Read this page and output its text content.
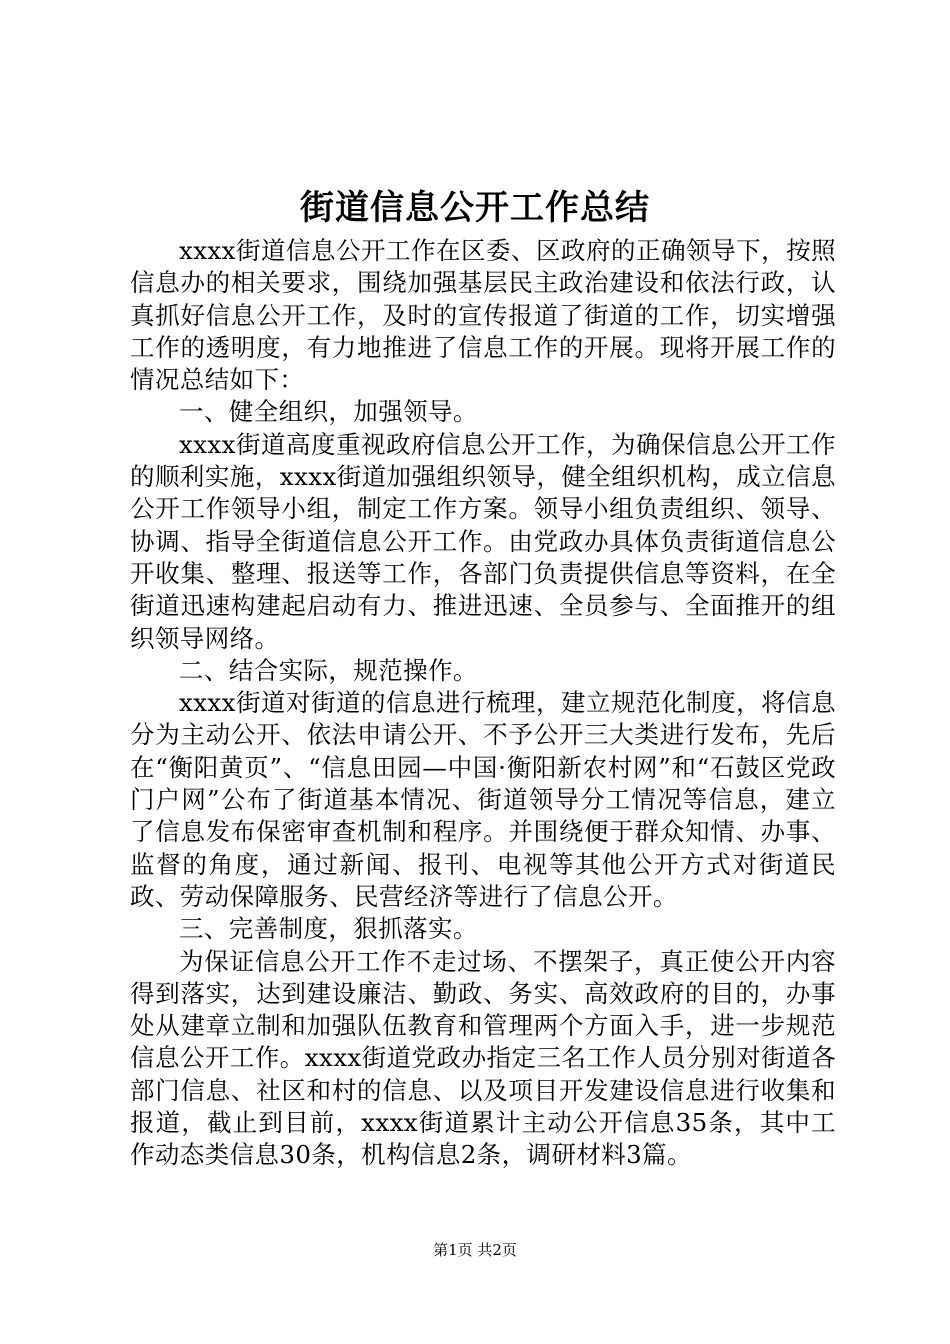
街道信息公开工作总结

xxxx街道信息公开工作在区委、区政府的正确领导下，按照信息办的相关要求，围绕加强基层民主政治建设和依法行政，认真抓好信息公开工作，及时的宣传报道了街道的工作，切实增强工作的透明度，有力地推进了信息工作的开展。现将开展工作的情况总结如下：

一、健全组织，加强领导。

xxxx街道高度重视政府信息公开工作，为确保信息公开工作的顺利实施，xxxx街道加强组织领导，健全组织机构，成立信息公开工作领导小组，制定工作方案。领导小组负责组织、领导、协调、指导全街道信息公开工作。由党政办具体负责街道信息公开收集、整理、报送等工作，各部门负责提供信息等资料，在全街道迅速构建起启动有力、推进迅速、全员参与、全面推开的组织领导网络。

二、结合实际，规范操作。

xxxx街道对街道的信息进行梳理，建立规范化制度，将信息分为主动公开、依法申请公开、不予公开三大类进行发布，先后在“衡阳黄页”、“信息田园—中国·衡阳新农村网”和“石鼓区党政门户网”公布了街道基本情况、街道领导分工情况等信息，建立了信息发布保密审查机制和程序。并围绕便于群众知情、办事、监督的角度，通过新闻、报刊、电视等其他公开方式对街道民政、劳动保障服务、民营经济等进行了信息公开。

三、完善制度，狠抓落实。

为保证信息公开工作不走过场、不摆架子，真正使公开内容得到落实，达到建设廉洁、勤政、务实、高效政府的目的，办事处从建章立制和加强队伍教育和管理两个方面入手，进一步规范信息公开工作。xxxx街道党政办指定三名工作人员分别对街道各部门信息、社区和村的信息、以及项目开发建设信息进行收集和报道，截止到目前，xxxx街道累计主动公开信息35条，其中工作动态类信息30条，机构信息2条，调研材料3篇。

第1页 共2页
